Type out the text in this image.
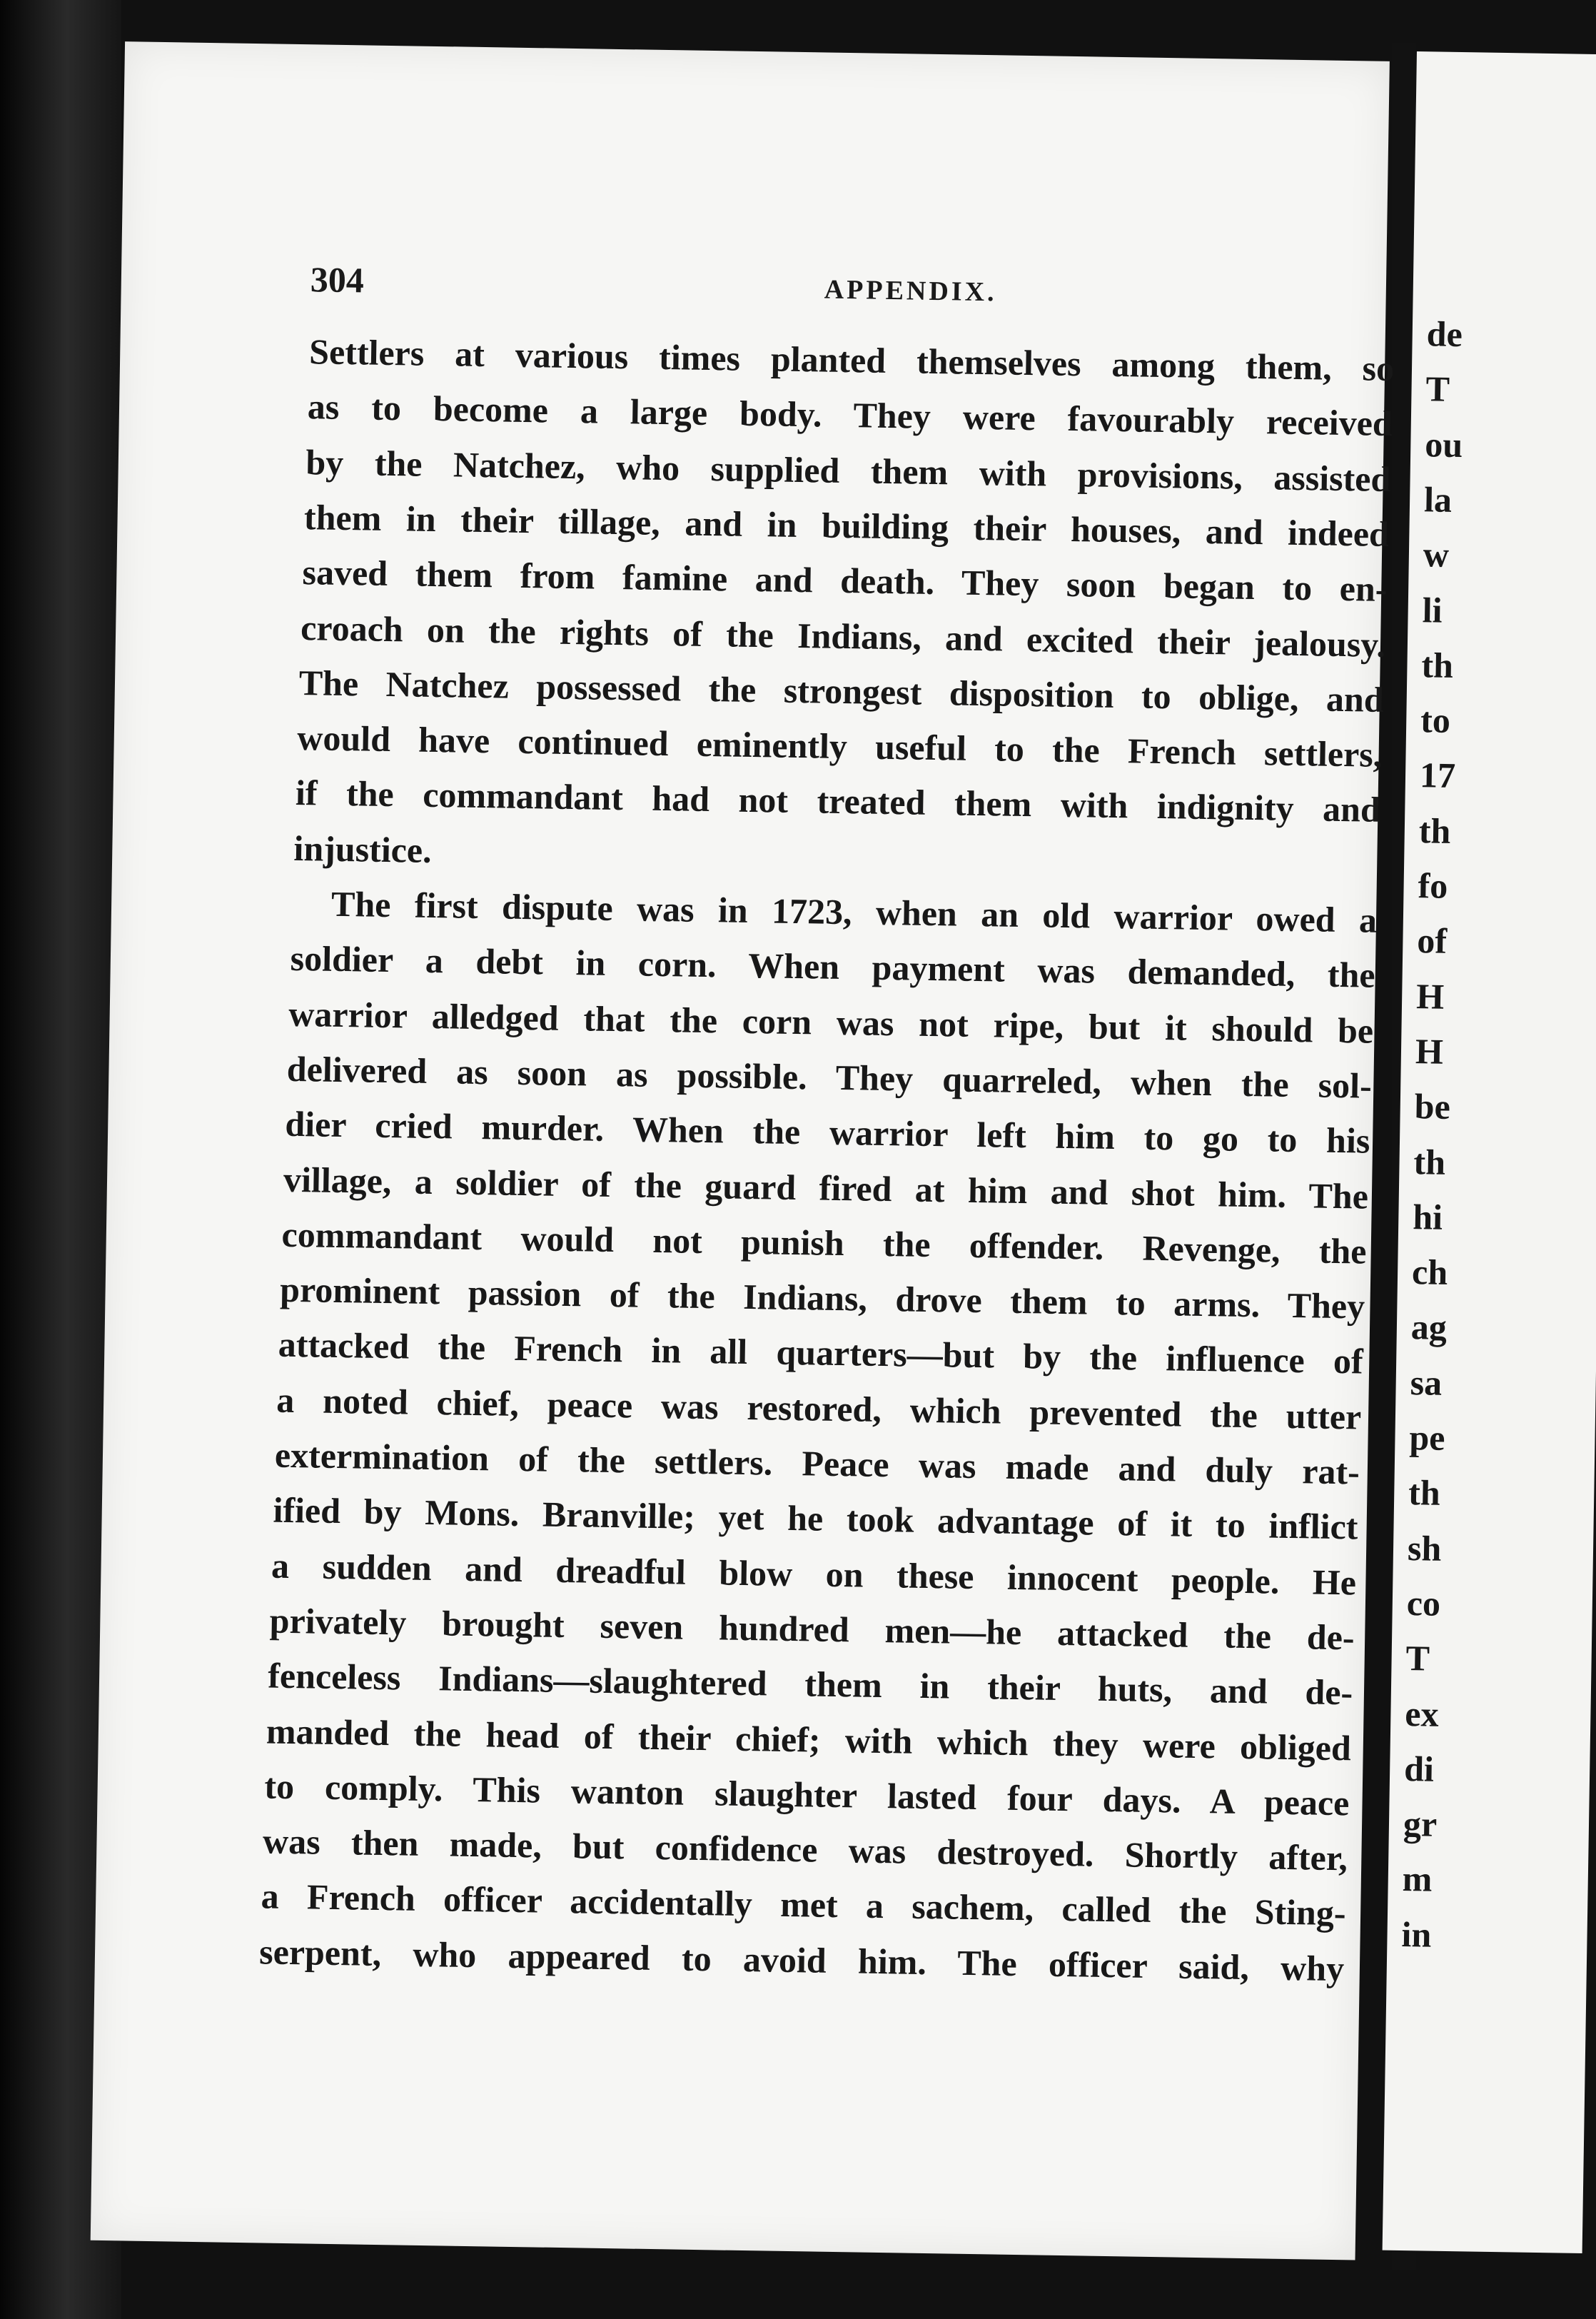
304	APPENDIX.
Settlers at various times planted themselves among them, so
as to become a large body. They were favourably received
by the Natchez, who supplied them with provisions, assisted
them in their tillage, and in building their houses, and indeed
saved them from famine and death. They soon began to en-
croach on the rights of the Indians, and excited their jealousy.
The Natchez possessed the strongest disposition to oblige, and
would have continued eminently useful to the French settlers,
if the commandant had not treated them with indignity and
injustice.
The first dispute was in 1723, when an old warrior owed a
soldier a debt in corn. When payment was demanded, the
warrior alledged that the corn was not ripe, but it should be
delivered as soon as possible. They quarreled, when the sol-
dier cried murder. When the warrior left him to go to his
village, a soldier of the guard fired at him and shot him. The
commandant would not punish the offender. Revenge, the
prominent passion of the Indians, drove them to arms. They
attacked the French in all quarters—but by the influence of
a noted chief, peace was restored, which prevented the utter
extermination of the settlers. Peace was made and duly rat-
ified by Mons. Branville; yet he took advantage of it to inflict
a sudden and dreadful blow on these innocent people. He
privately brought seven hundred men—he attacked the de-
fenceless Indians—slaughtered them in their huts, and de-
manded the head of their chief; with which they were obliged
to comply. This wanton slaughter lasted four days. A peace
was then made, but confidence was destroyed. Shortly after,
a French officer accidentally met a sachem, called the Sting-
serpent, who appeared to avoid him. The officer said, why
de
T
ou
la
w
li
th
to
17
th
fo
of
H
H
be
th
hi
ch
ag
sa
pe
th
sh
co
T
ex
di
gr
m
in
